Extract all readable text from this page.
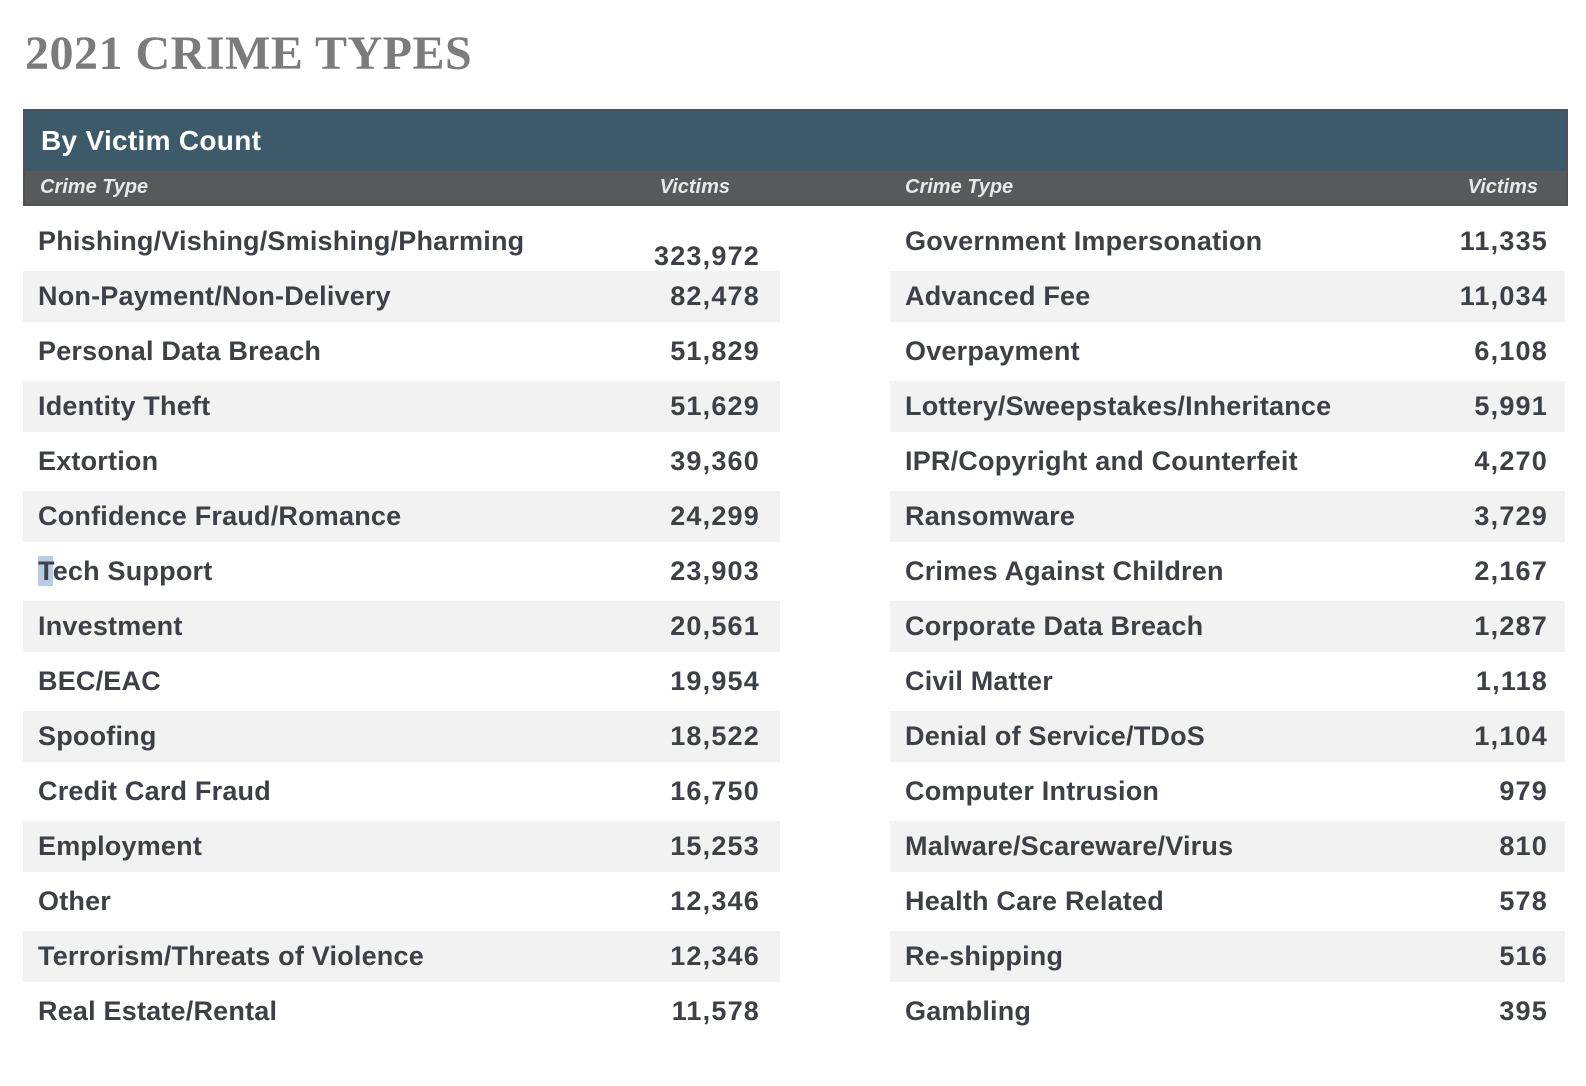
2021 CRIME TYPES
By Victim Count
Crime Type	Victims	Crime Type	Victims
Phishing/Vishing/Smishing/Pharming	323,972
Non-Payment/Non-Delivery	82,478
Personal Data Breach	51,829
Identity Theft	51,629
Extortion	39,360
Confidence Fraud/Romance	24,299
Tech Support	23,903
Investment	20,561
BEC/EAC	19,954
Spoofing	18,522
Credit Card Fraud	16,750
Employment	15,253
Other	12,346
Terrorism/Threats of Violence	12,346
Real Estate/Rental	11,578
Government Impersonation	11,335
Advanced Fee	11,034
Overpayment	6,108
Lottery/Sweepstakes/Inheritance	5,991
IPR/Copyright and Counterfeit	4,270
Ransomware	3,729
Crimes Against Children	2,167
Corporate Data Breach	1,287
Civil Matter	1,118
Denial of Service/TDoS	1,104
Computer Intrusion	979
Malware/Scareware/Virus	810
Health Care Related	578
Re-shipping	516
Gambling	395
